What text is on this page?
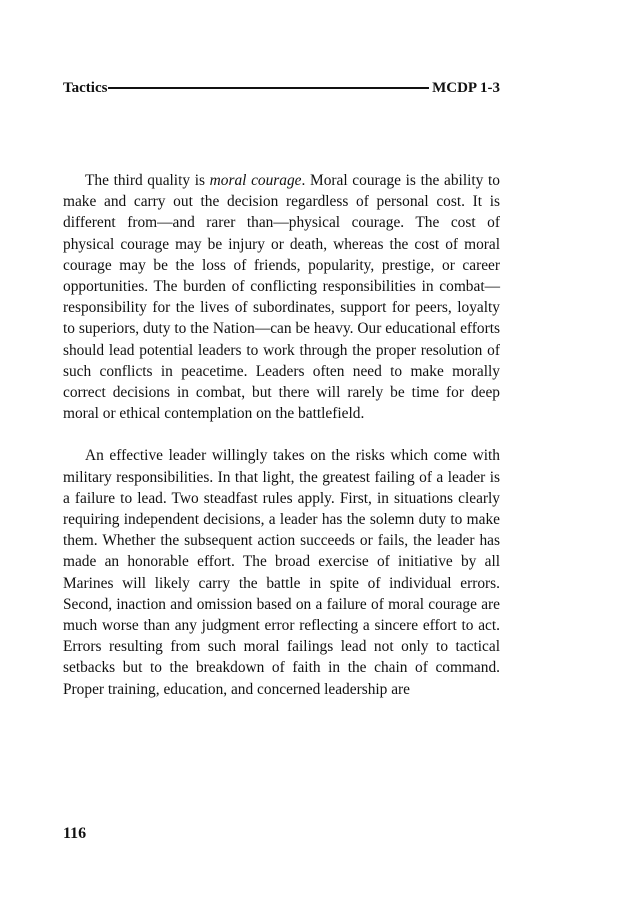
Tactics	MCDP 1-3

The third quality is moral courage. Moral courage is the ability to make and carry out the decision regardless of personal cost. It is different from—and rarer than—physical courage. The cost of physical courage may be injury or death, whereas the cost of moral courage may be the loss of friends, popularity, prestige, or career opportunities. The burden of conflicting responsibilities in combat—responsibility for the lives of subordinates, support for peers, loyalty to superiors, duty to the Nation—can be heavy. Our educational efforts should lead potential leaders to work through the proper resolution of such conflicts in peacetime. Leaders often need to make morally correct decisions in combat, but there will rarely be time for deep moral or ethical contemplation on the battlefield.

An effective leader willingly takes on the risks which come with military responsibilities. In that light, the greatest failing of a leader is a failure to lead. Two steadfast rules apply. First, in situations clearly requiring independent decisions, a leader has the solemn duty to make them. Whether the subsequent action succeeds or fails, the leader has made an honorable effort. The broad exercise of initiative by all Marines will likely carry the battle in spite of individual errors. Second, inaction and omission based on a failure of moral courage are much worse than any judgment error reflecting a sincere effort to act. Errors resulting from such moral failings lead not only to tactical setbacks but to the breakdown of faith in the chain of command. Proper training, education, and concerned leadership are

116
